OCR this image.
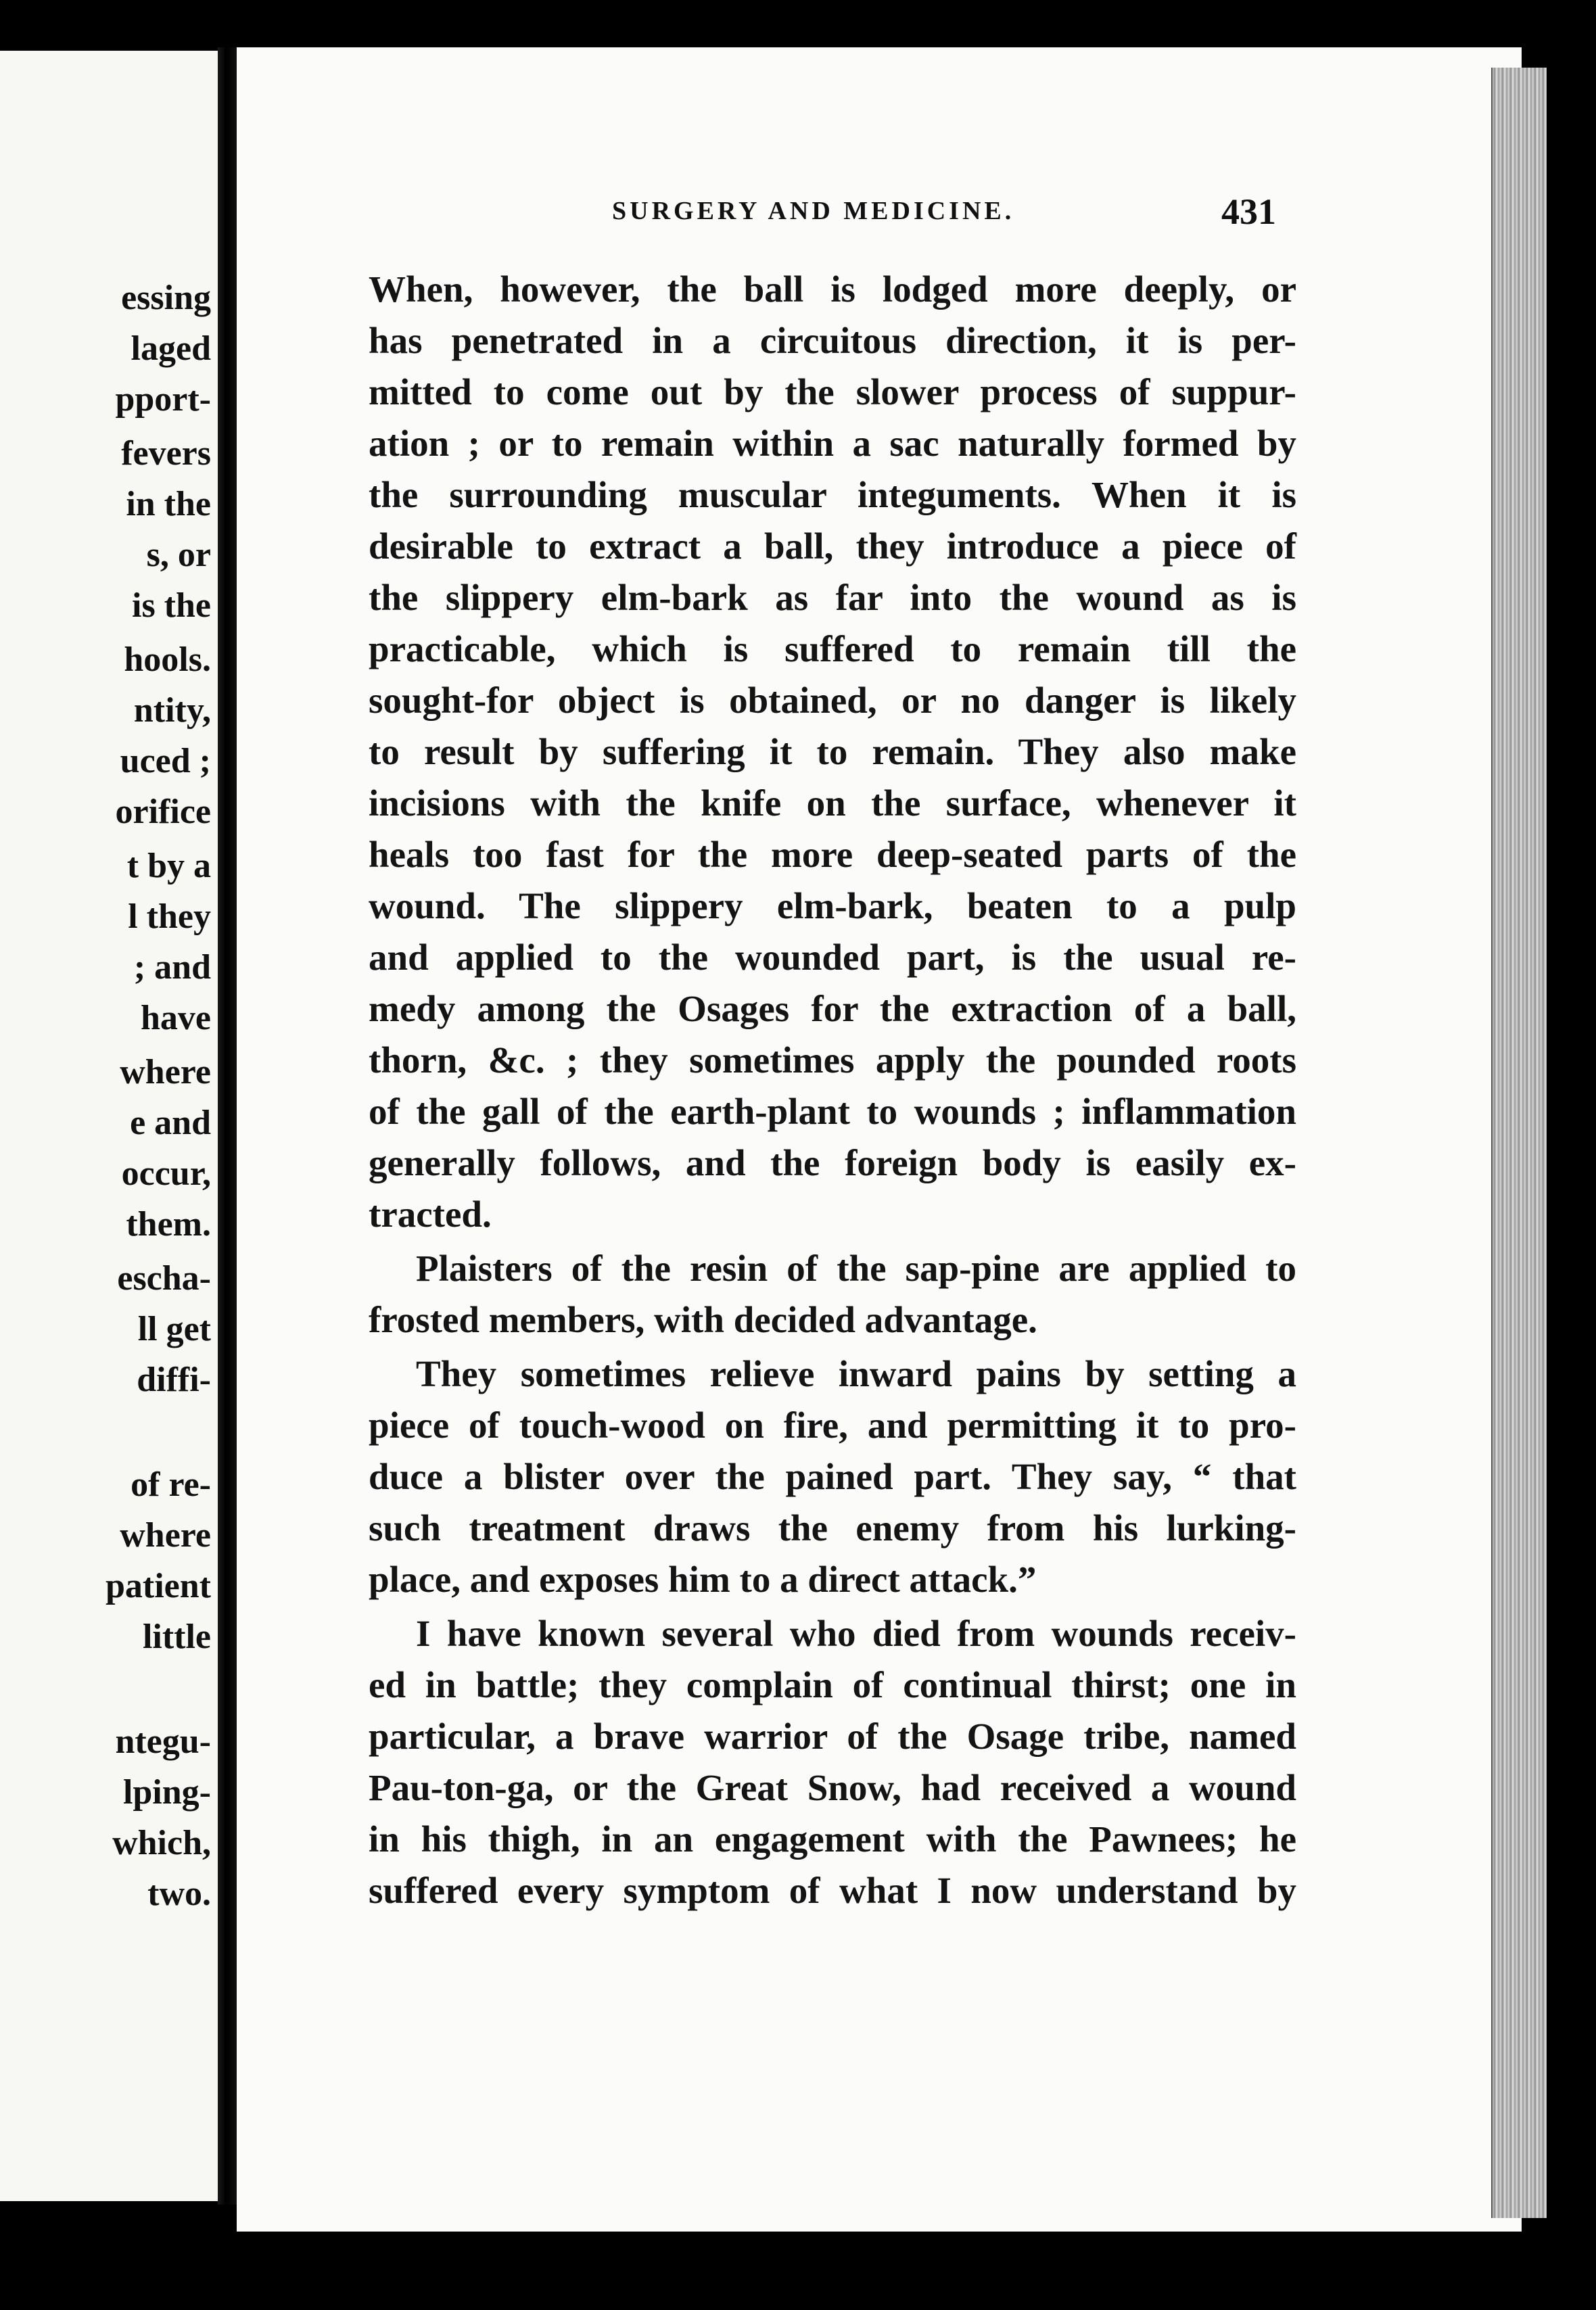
essing
laged
pport-
fevers
in the
s, or
is the
hools.
ntity,
uced ;
orifice
t by a
l they
; and
have
where
e and
occur,
them.
escha-
ll get
diffi-
of re-
where
patient
little
ntegu-
lping-
which,
two.
SURGERY AND MEDICINE.	431
When, however, the ball is lodged more deeply, or
has penetrated in a circuitous direction, it is per-
mitted to come out by the slower process of suppur-
ation ; or to remain within a sac naturally formed by
the surrounding muscular integuments. When it is
desirable to extract a ball, they introduce a piece of
the slippery elm-bark as far into the wound as is
practicable, which is suffered to remain till the
sought-for object is obtained, or no danger is likely
to result by suffering it to remain. They also make
incisions with the knife on the surface, whenever it
heals too fast for the more deep-seated parts of the
wound. The slippery elm-bark, beaten to a pulp
and applied to the wounded part, is the usual re-
medy among the Osages for the extraction of a ball,
thorn, &c. ; they sometimes apply the pounded roots
of the gall of the earth-plant to wounds ; inflammation
generally follows, and the foreign body is easily ex-
tracted.
Plaisters of the resin of the sap-pine are applied to
frosted members, with decided advantage.
They sometimes relieve inward pains by setting a
piece of touch-wood on fire, and permitting it to pro-
duce a blister over the pained part. They say, “ that
such treatment draws the enemy from his lurking-
place, and exposes him to a direct attack.”
I have known several who died from wounds receiv-
ed in battle; they complain of continual thirst; one in
particular, a brave warrior of the Osage tribe, named
Pau-ton-ga, or the Great Snow, had received a wound
in his thigh, in an engagement with the Pawnees; he
suffered every symptom of what I now understand by
